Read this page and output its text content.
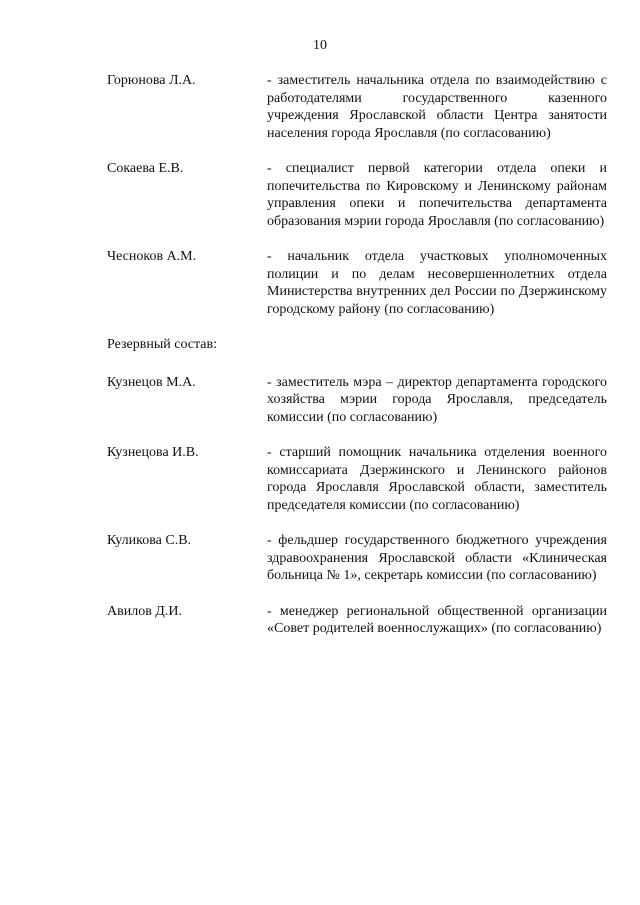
10
Горюнова Л.А.	- заместитель начальника отдела по взаимодействию с работодателями государственного казенного учреждения Ярославской области Центра занятости населения города Ярославля (по согласованию)
Сокаева Е.В.	- специалист первой категории отдела опеки и попечительства по Кировскому и Ленинскому районам управления опеки и попечительства департамента образования мэрии города Ярославля (по согласованию)
Чесноков А.М.	- начальник отдела участковых уполномоченных полиции и по делам несовершеннолетних отдела Министерства внутренних дел России по Дзержинскому городскому району (по согласованию)
Резервный состав:
Кузнецов М.А.	- заместитель мэра – директор департамента городского хозяйства мэрии города Ярославля, председатель комиссии (по согласованию)
Кузнецова И.В.	- старший помощник начальника отделения военного комиссариата Дзержинского и Ленинского районов города Ярославля Ярославской области, заместитель председателя комиссии (по согласованию)
Куликова С.В.	- фельдшер государственного бюджетного учреждения здравоохранения Ярославской области «Клиническая больница № 1», секретарь комиссии (по согласованию)
Авилов Д.И.	- менеджер региональной общественной организации «Совет родителей военнослужащих» (по согласованию)
